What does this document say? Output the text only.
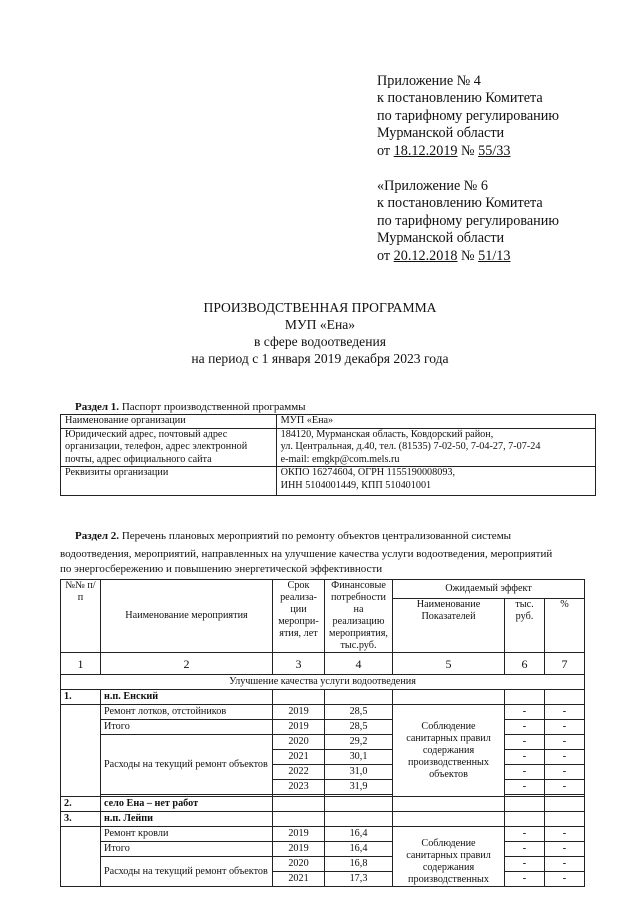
Приложение № 4
к постановлению Комитета
по тарифному регулированию
Мурманской области
от 18.12.2019 № 55/33
«Приложение № 6
к постановлению Комитета
по тарифному регулированию
Мурманской области
от 20.12.2018 № 51/13
ПРОИЗВОДСТВЕННАЯ ПРОГРАММА
МУП «Ена»
в сфере водоотведения
на период с 1 января 2019 декабря 2023 года
Раздел 1. Паспорт производственной программы
Наименование организации	МУП «Ена»
Юридический адрес, почтовый адрес организации, телефон, адрес электронной почты, адрес официального сайта	184120, Мурманская область, Ковдорский район,
ул. Центральная, д.40, тел. (81535) 7-02-50, 7-04-27, 7-07-24
e-mail: emgkp@com.mels.ru

Реквизиты организации	ОКПО 16274604, ОГРН 1155190008093,
ИНН 5104001449, КПП 510401001
Раздел 2. Перечень плановых мероприятий по ремонту объектов централизованной системы
водоотведения, мероприятий, направленных на улучшение качества услуги водоотведения, мероприятий
по энергосбережению и повышению энергетической эффективности
№№ п/п	Наименование мероприятия	Срок реализа-ции меропри-ятия, лет	Финансовые потребности на реализацию мероприятия, тыс.руб.	Ожидаемый эффект		
				Наименование Показателей	тыс. руб.	%
1	2	3	4	5	6	7
Улучшение качества услуги водоотведения						
1.	н.п. Енский					
	Ремонт лотков, отстойников	2019	28,5	Соблюдение санитарных правил содержания производственных объектов	-	-
	Итого	2019	28,5		-	-
	Расходы на текущий ремонт объектов	2020	29,2		-	-
		2021	30,1		-	-
		2022	31,0		-	-
		2023	31,9		-	-

2.	село Ена – нет работ					
3.	н.п. Лейпи					
	Ремонт кровли	2019	16,4	Соблюдение санитарных правил содержания производственных	-	-
	Итого	2019	16,4		-	-
	Расходы на текущий ремонт объектов	2020	16,8		-	-
		2021	17,3		-	-
